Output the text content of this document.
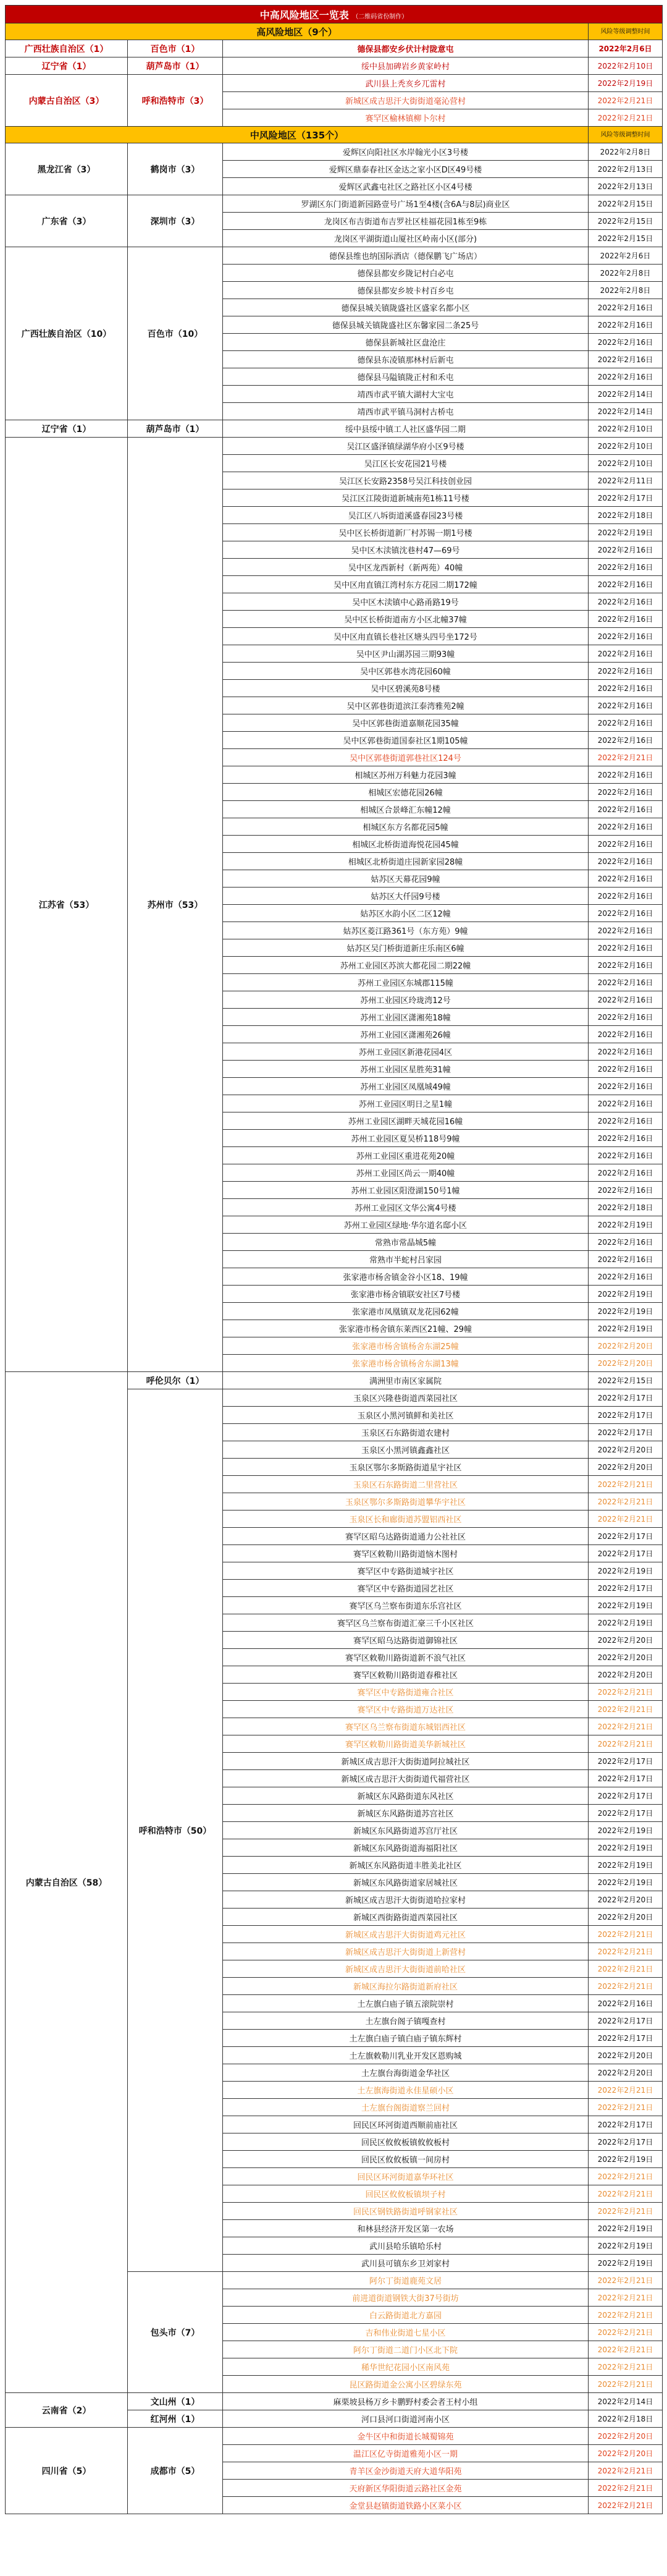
中高风险地区一览表 （二维码省份制作）			
高风险地区（9个）			风险等级调整时间
广西壮族自治区（1）	百色市（1）	德保县都安乡伏计村陇意屯	2022年2月6日
辽宁省（1）	葫芦岛市（1）	绥中县加碑岩乡黄家岭村	2022年2月10日
内蒙古自治区（3）	呼和浩特市（3）	武川县上秃亥乡兀雷村	2022年2月19日
		新城区成吉思汗大街街道毫沁营村	2022年2月21日
		赛罕区榆林镇柳卜尔村	2022年2月21日
中风险地区（135个）			风险等级调整时间
黑龙江省（3）	鹤岗市（3）	爱辉区向阳社区水岸翰光小区3号楼	2022年2月8日
		爱辉区鼎泰春社区金达之家小区D区49号楼	2022年2月13日
		爱辉区武鑫屯社区之路社区小区4号楼	2022年2月13日
广东省（3）	深圳市（3）	罗湖区东门街道新园路壹号广场1至4楼(含6A与8层)商业区	2022年2月15日
		龙岗区布吉街道布吉罗社区桂福花园1栋至9栋	2022年2月15日
		龙岗区平湖街道山厦社区岭南小区(部分)	2022年2月15日
广西壮族自治区（10）	百色市（10）	德保县维也纳国际酒店（德保鹏飞广场店）	2022年2月6日
		德保县都安乡陇记村白必屯	2022年2月8日
		德保县都安乡坡卡村百乡屯	2022年2月8日
		德保县城关镇陇盛社区盛家名都小区	2022年2月16日
		德保县城关镇陇盛社区东馨家园二条25号	2022年2月16日
		德保县新城社区盘沧庄	2022年2月16日
		德保县东凌镇那林村后新屯	2022年2月16日
		德保县马隘镇陇正村和禾屯	2022年2月16日
		靖西市武平镇大湖村大宝屯	2022年2月14日
		靖西市武平镇马洞村古桥屯	2022年2月14日
辽宁省（1）	葫芦岛市（1）	绥中县绥中镇工人社区盛华园二期	2022年2月10日
江苏省（53）	苏州市（53）	吴江区盛泽镇绿湖华府小区9号楼	2022年2月10日
		吴江区长安花园21号楼	2022年2月10日
		吴江区长安路2358号吴江科技创业园	2022年2月11日
		吴江区江陵街道新城南苑1栋11号楼	2022年2月17日
		吴江区八坼街道溪盛春园23号楼	2022年2月18日
		吴中区长桥街道新厂村苏锡一期1号楼	2022年2月19日
		吴中区木渎镇沈巷村47—69号	2022年2月16日
		吴中区龙西新村（新两苑）40幢	2022年2月16日
		吴中区甪直镇江湾村东方花园二期172幢	2022年2月16日
		吴中区木渎镇中心路甬路19号	2022年2月16日
		吴中区长桥街道南方小区北幢37幢	2022年2月16日
		吴中区甪直镇长巷社区塘头四号坐172号	2022年2月16日
		吴中区尹山湖苏园三期93幢	2022年2月16日
		吴中区郭巷水湾花园60幢	2022年2月16日
		吴中区碧溪苑8号楼	2022年2月16日
		吴中区郭巷街道滨江泰湾雅苑2幢	2022年2月16日
		吴中区郭巷街道嘉顺花园35幢	2022年2月16日
		吴中区郭巷街道国泰社区1期105幢	2022年2月16日
		吴中区郭巷街道郭巷社区124号	2022年2月21日
		相城区苏州万科魅力花园3幢	2022年2月16日
		相城区宏德花园26幢	2022年2月16日
		相城区合景峰汇东幢12幢	2022年2月16日
		相城区东方名都花园5幢	2022年2月16日
		相城区北桥街道海悦花园45幢	2022年2月16日
		相城区北桥街道庄园新家园28幢	2022年2月16日
		姑苏区天幕花园9幢	2022年2月16日
		姑苏区大仟园9号楼	2022年2月16日
		姑苏区水韵小区二区12幢	2022年2月16日
		姑苏区菱江路361号（东方苑）9幢	2022年2月16日
		姑苏区吴门桥街道新庄乐南区6幢	2022年2月16日
		苏州工业园区苏滨大都花园二期22幢	2022年2月16日
		苏州工业园区东城郡115幢	2022年2月16日
		苏州工业园区玲珑湾12号	2022年2月16日
		苏州工业园区潇湘苑18幢	2022年2月16日
		苏州工业园区潇湘苑26幢	2022年2月16日
		苏州工业园区新港花园4区	2022年2月16日
		苏州工业园区星胜苑31幢	2022年2月16日
		苏州工业园区凤凰城49幢	2022年2月16日
		苏州工业园区明日之星1幢	2022年2月16日
		苏州工业园区湖畔天城花园16幢	2022年2月16日
		苏州工业园区夏吴桥118号9幢	2022年2月16日
		苏州工业园区重进花苑20幢	2022年2月16日
		苏州工业园区尚云一期40幢	2022年2月16日
		苏州工业园区阳澄湖150号1幢	2022年2月16日
		苏州工业园区文华公寓4号楼	2022年2月18日
		苏州工业园区绿地·华尔道名邸小区	2022年2月19日
		常熟市常晶城5幢	2022年2月16日
		常熟市半蛇村吕家园	2022年2月16日
		张家港市杨舍镇金谷小区18、19幢	2022年2月16日
		张家港市杨舍镇联安社区7号楼	2022年2月19日
		张家港市凤凰镇双龙花园62幢	2022年2月19日
		张家港市杨舍镇东莱西区21幢、29幢	2022年2月19日
		张家港市杨舍镇杨舍东湖25幢	2022年2月20日
		张家港市杨舍镇杨舍东湖13幢	2022年2月20日
内蒙古自治区（58）	呼伦贝尔（1）	满洲里市南区家属院	2022年2月15日
	呼和浩特市（50）	玉泉区兴隆巷街道西菜园社区	2022年2月17日
		玉泉区小黑河镇鲜和美社区	2022年2月17日
		玉泉区石东路街道农建村	2022年2月17日
		玉泉区小黑河镇鑫鑫社区	2022年2月20日
		玉泉区鄂尔多斯路街道星宇社区	2022年2月20日
		玉泉区石东路街道二里营社区	2022年2月21日
		玉泉区鄂尔多斯路街道攀华宇社区	2022年2月21日
		玉泉区长和廊街道苏盟铝西社区	2022年2月21日
		赛罕区昭乌达路街道通力公社社区	2022年2月17日
		赛罕区敕勒川路街道恼木图村	2022年2月17日
		赛罕区中专路街道城宇社区	2022年2月19日
		赛罕区中专路街道园艺社区	2022年2月17日
		赛罕区乌兰察布街道东乐宫社区	2022年2月19日
		赛罕区乌兰察布街道汇豪三千小区社区	2022年2月19日
		赛罕区昭乌达路街道御锦社区	2022年2月20日
		赛罕区敕勒川路街道新不浪气社区	2022年2月20日
		赛罕区敕勒川路街道春稚社区	2022年2月20日
		赛罕区中专路街道雍合社区	2022年2月21日
		赛罕区中专路街道万达社区	2022年2月21日
		赛罕区乌兰察布街道东城铝西社区	2022年2月21日
		赛罕区敕勒川路街道美华新城社区	2022年2月21日
		新城区成吉思汗大街街道阿拉城社区	2022年2月17日
		新城区成吉思汗大街街道代福营社区	2022年2月17日
		新城区东风路街道东风社区	2022年2月17日
		新城区东风路街道苏宫社区	2022年2月17日
		新城区东风路街道苏宫厅社区	2022年2月19日
		新城区东风路街道海福阳社区	2022年2月19日
		新城区东风路街道丰胜美北社区	2022年2月19日
		新城区东风路街道家居城社区	2022年2月19日
		新城区成吉思汗大街街道哈拉家村	2022年2月20日
		新城区西街路街道西菜园社区	2022年2月20日
		新城区成吉思汗大街街道鸡元社区	2022年2月21日
		新城区成吉思汗大街街道上新营村	2022年2月21日
		新城区成吉思汗大街街道前哈社区	2022年2月21日
		新城区海拉尔路街道新府社区	2022年2月21日
		土左旗白庙子镇五滚院崇村	2022年2月16日
		土左旗台阁子镇嘎查村	2022年2月17日
		土左旗白庙子镇白庙子镇东辉村	2022年2月17日
		土左旗敕勒川乳业开发区恩购城	2022年2月20日
		土左旗台海街道金华社区	2022年2月20日
		土左旗海街道永佳星硕小区	2022年2月21日
		土左旗台阁街道察兰回村	2022年2月21日
		回民区环河街道西顺前庙社区	2022年2月17日
		回民区攸攸板镇攸攸板村	2022年2月17日
		回民区攸攸板镇一间房村	2022年2月19日
		回民区环河街道嘉华环社区	2022年2月21日
		回民区攸攸板镇坝子村	2022年2月21日
		回民区钢铁路街道呼钢家社区	2022年2月21日
		和林县经济开发区第一农场	2022年2月19日
		武川县哈乐镇哈乐村	2022年2月19日
		武川县可镇东乡卫刘家村	2022年2月19日
	包头市（7）	阿尔丁街道鹿苑文居	2022年2月21日
		前进道街道钢铁大街37号街坊	2022年2月21日
		白云路街道北方嘉园	2022年2月21日
		吉和伟业街道七星小区	2022年2月21日
		阿尔丁街道二道门小区北下院	2022年2月21日
		稀华世纪花园小区南风苑	2022年2月21日
		昆区路街道金公寓小区碧绿东苑	2022年2月21日
云南省（2）	文山州（1）	麻栗坡县杨万乡卡鹏野村委会者王村小组	2022年2月14日
	红河州（1）	河口县河口街道河南小区	2022年2月18日
四川省（5）	成都市（5）	金牛区中和街道长城蜀锦苑	2022年2月20日
		温江区亿寺街道雅苑小区一期	2022年2月20日
		青羊区金沙街道天府大道华阳苑	2022年2月21日
		天府新区华阳街道云路社区金苑	2022年2月21日
		金堂县赵镇街道铁路小区菜小区	2022年2月21日
